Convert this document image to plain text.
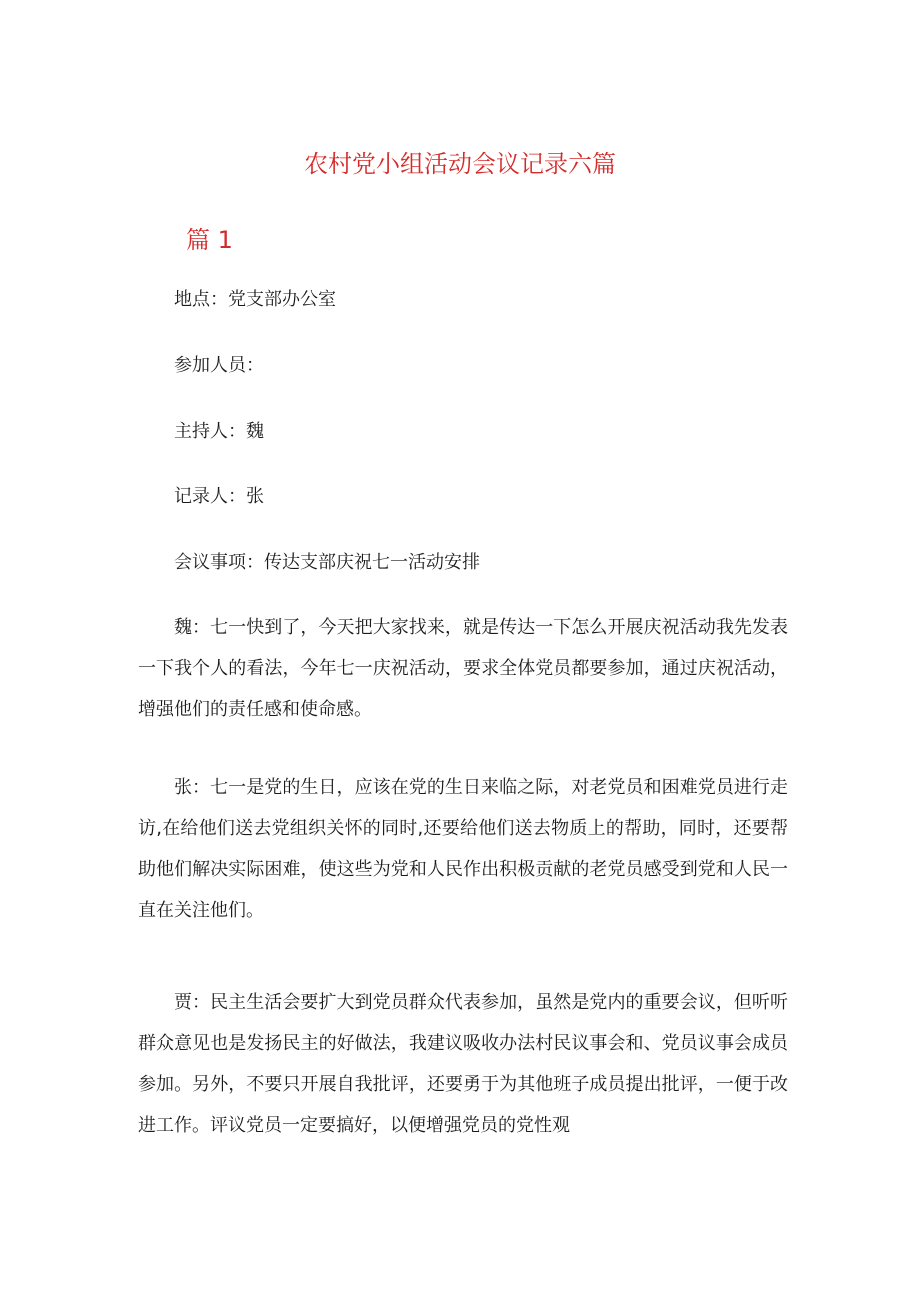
农村党小组活动会议记录六篇
篇 1

地点：党支部办公室

参加人员：

主持人：魏

记录人：张

会议事项：传达支部庆祝七一活动安排

魏：七一快到了，今天把大家找来，就是传达一下怎么开展庆祝活动我先发表一下我个人的看法，今年七一庆祝活动，要求全体党员都要参加，通过庆祝活动，增强他们的责任感和使命感。

张：七一是党的生日，应该在党的生日来临之际，对老党员和困难党员进行走访,在给他们送去党组织关怀的同时,还要给他们送去物质上的帮助，同时，还要帮助他们解决实际困难，使这些为党和人民作出积极贡献的老党员感受到党和人民一直在关注他们。

贾：民主生活会要扩大到党员群众代表参加，虽然是党内的重要会议，但听听群众意见也是发扬民主的好做法，我建议吸收办法村民议事会和、党员议事会成员参加。另外，不要只开展自我批评，还要勇于为其他班子成员提出批评，一便于改进工作。评议党员一定要搞好，以便增强党员的党性观
